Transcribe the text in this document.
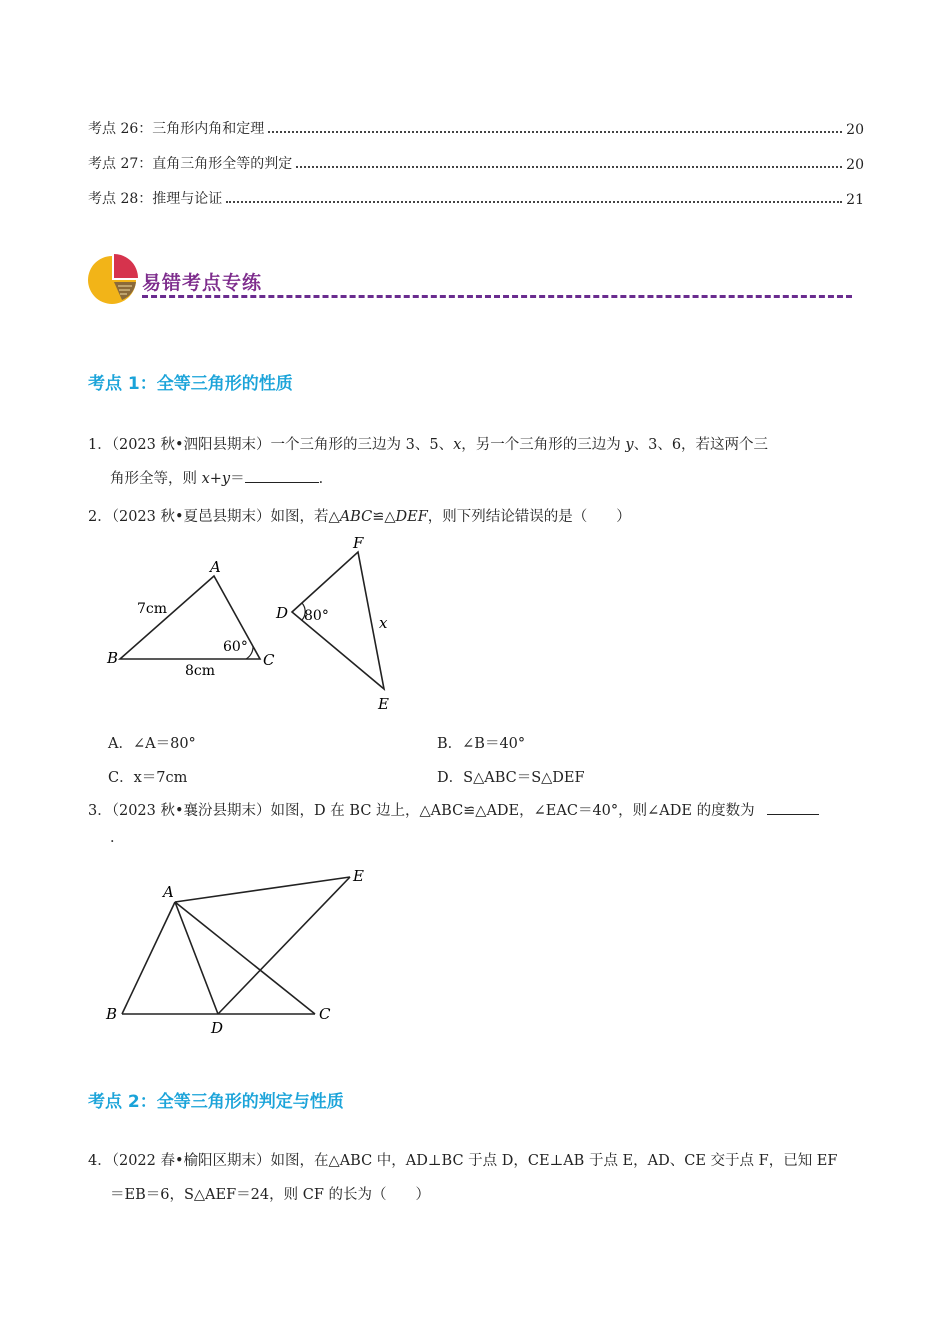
考点 26：三角形内角和定理	20
考点 27：直角三角形全等的判定	20
考点 28：推理与论证	21
易错考点专练
考点 1：全等三角形的性质
1．（2023 秋•泗阳县期末）一个三角形的三边为 3、5、x，另一个三角形的三边为 y、3、6，若这两个三
角形全等，则 x+y＝	．
2．（2023 秋•夏邑县期末）如图，若△ABC≌△DEF，则下列结论错误的是（　　）
A
B	C
7cm
8cm
60°
F
D
E
80°	x
A．∠A＝80°	B．∠B＝40°
C．x＝7cm	D．S△ABC＝S△DEF
3．（2023 秋•襄汾县期末）如图，D 在 BC 边上，△ABC≌△ADE，∠EAC＝40°，则∠ADE 的度数为
．
A
B	C
D
E
考点 2：全等三角形的判定与性质
4．（2022 春•榆阳区期末）如图，在△ABC 中，AD⊥BC 于点 D，CE⊥AB 于点 E，AD、CE 交于点 F，已知 EF
＝EB＝6，S△AEF＝24，则 CF 的长为（　　）
